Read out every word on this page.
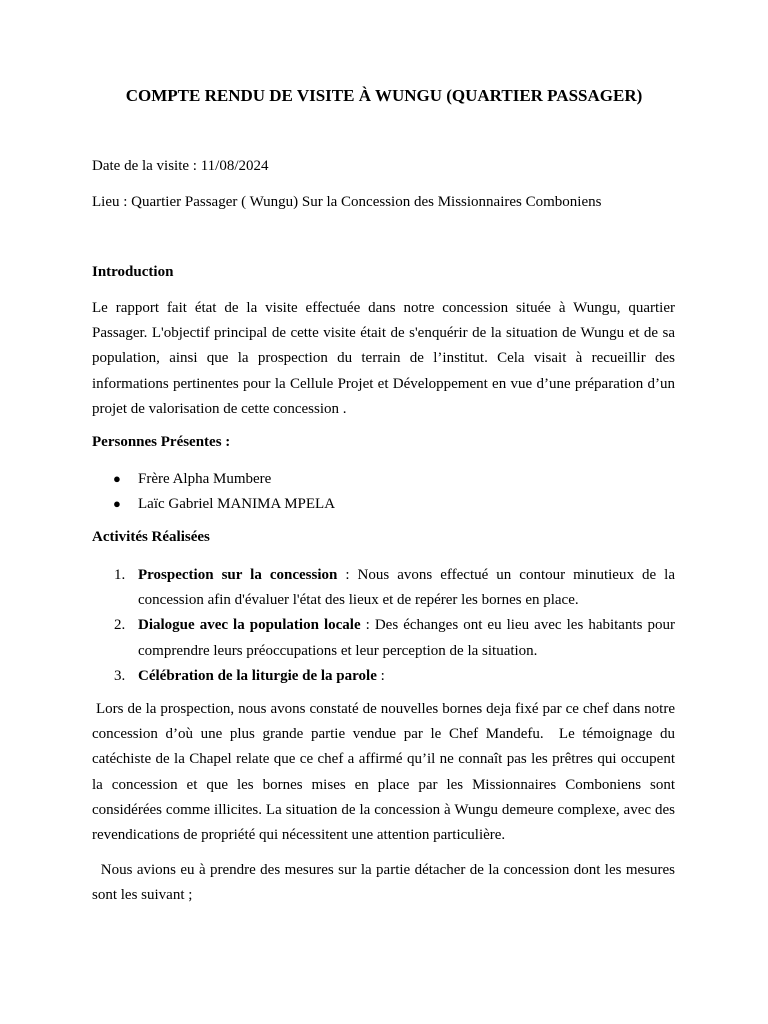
COMPTE RENDU DE VISITE À WUNGU (QUARTIER PASSAGER)

Date de la visite : 11/08/2024

Lieu : Quartier Passager ( Wungu) Sur la Concession des Missionnaires Comboniens

Introduction

Le rapport fait état de la visite effectuée dans notre concession située à Wungu, quartier Passager. L'objectif principal de cette visite était de s'enquérir de la situation de Wungu et de sa population, ainsi que la prospection du terrain de l’institut. Cela visait à recueillir des informations pertinentes pour la Cellule Projet et Développement en vue d’une préparation d’un projet de valorisation de cette concession .

Personnes Présentes :

● Frère Alpha Mumbere
● Laïc Gabriel MANIMA MPELA

Activités Réalisées

1. Prospection sur la concession : Nous avons effectué un contour minutieux de la concession afin d'évaluer l'état des lieux et de repérer les bornes en place.
2. Dialogue avec la population locale : Des échanges ont eu lieu avec les habitants pour comprendre leurs préoccupations et leur perception de la situation.
3. Célébration de la liturgie de la parole :

Lors de la prospection, nous avons constaté de nouvelles bornes deja fixé par ce chef dans notre concession d’où une plus grande partie vendue par le Chef Mandefu.  Le témoignage du catéchiste de la Chapel relate que ce chef a affirmé qu’il ne connaît pas les prêtres qui occupent la concession et que les bornes mises en place par les Missionnaires Comboniens sont considérées comme illicites. La situation de la concession à Wungu demeure complexe, avec des revendications de propriété qui nécessitent une attention particulière.

Nous avions eu à prendre des mesures sur la partie détacher de la concession dont les mesures sont les suivant ;
